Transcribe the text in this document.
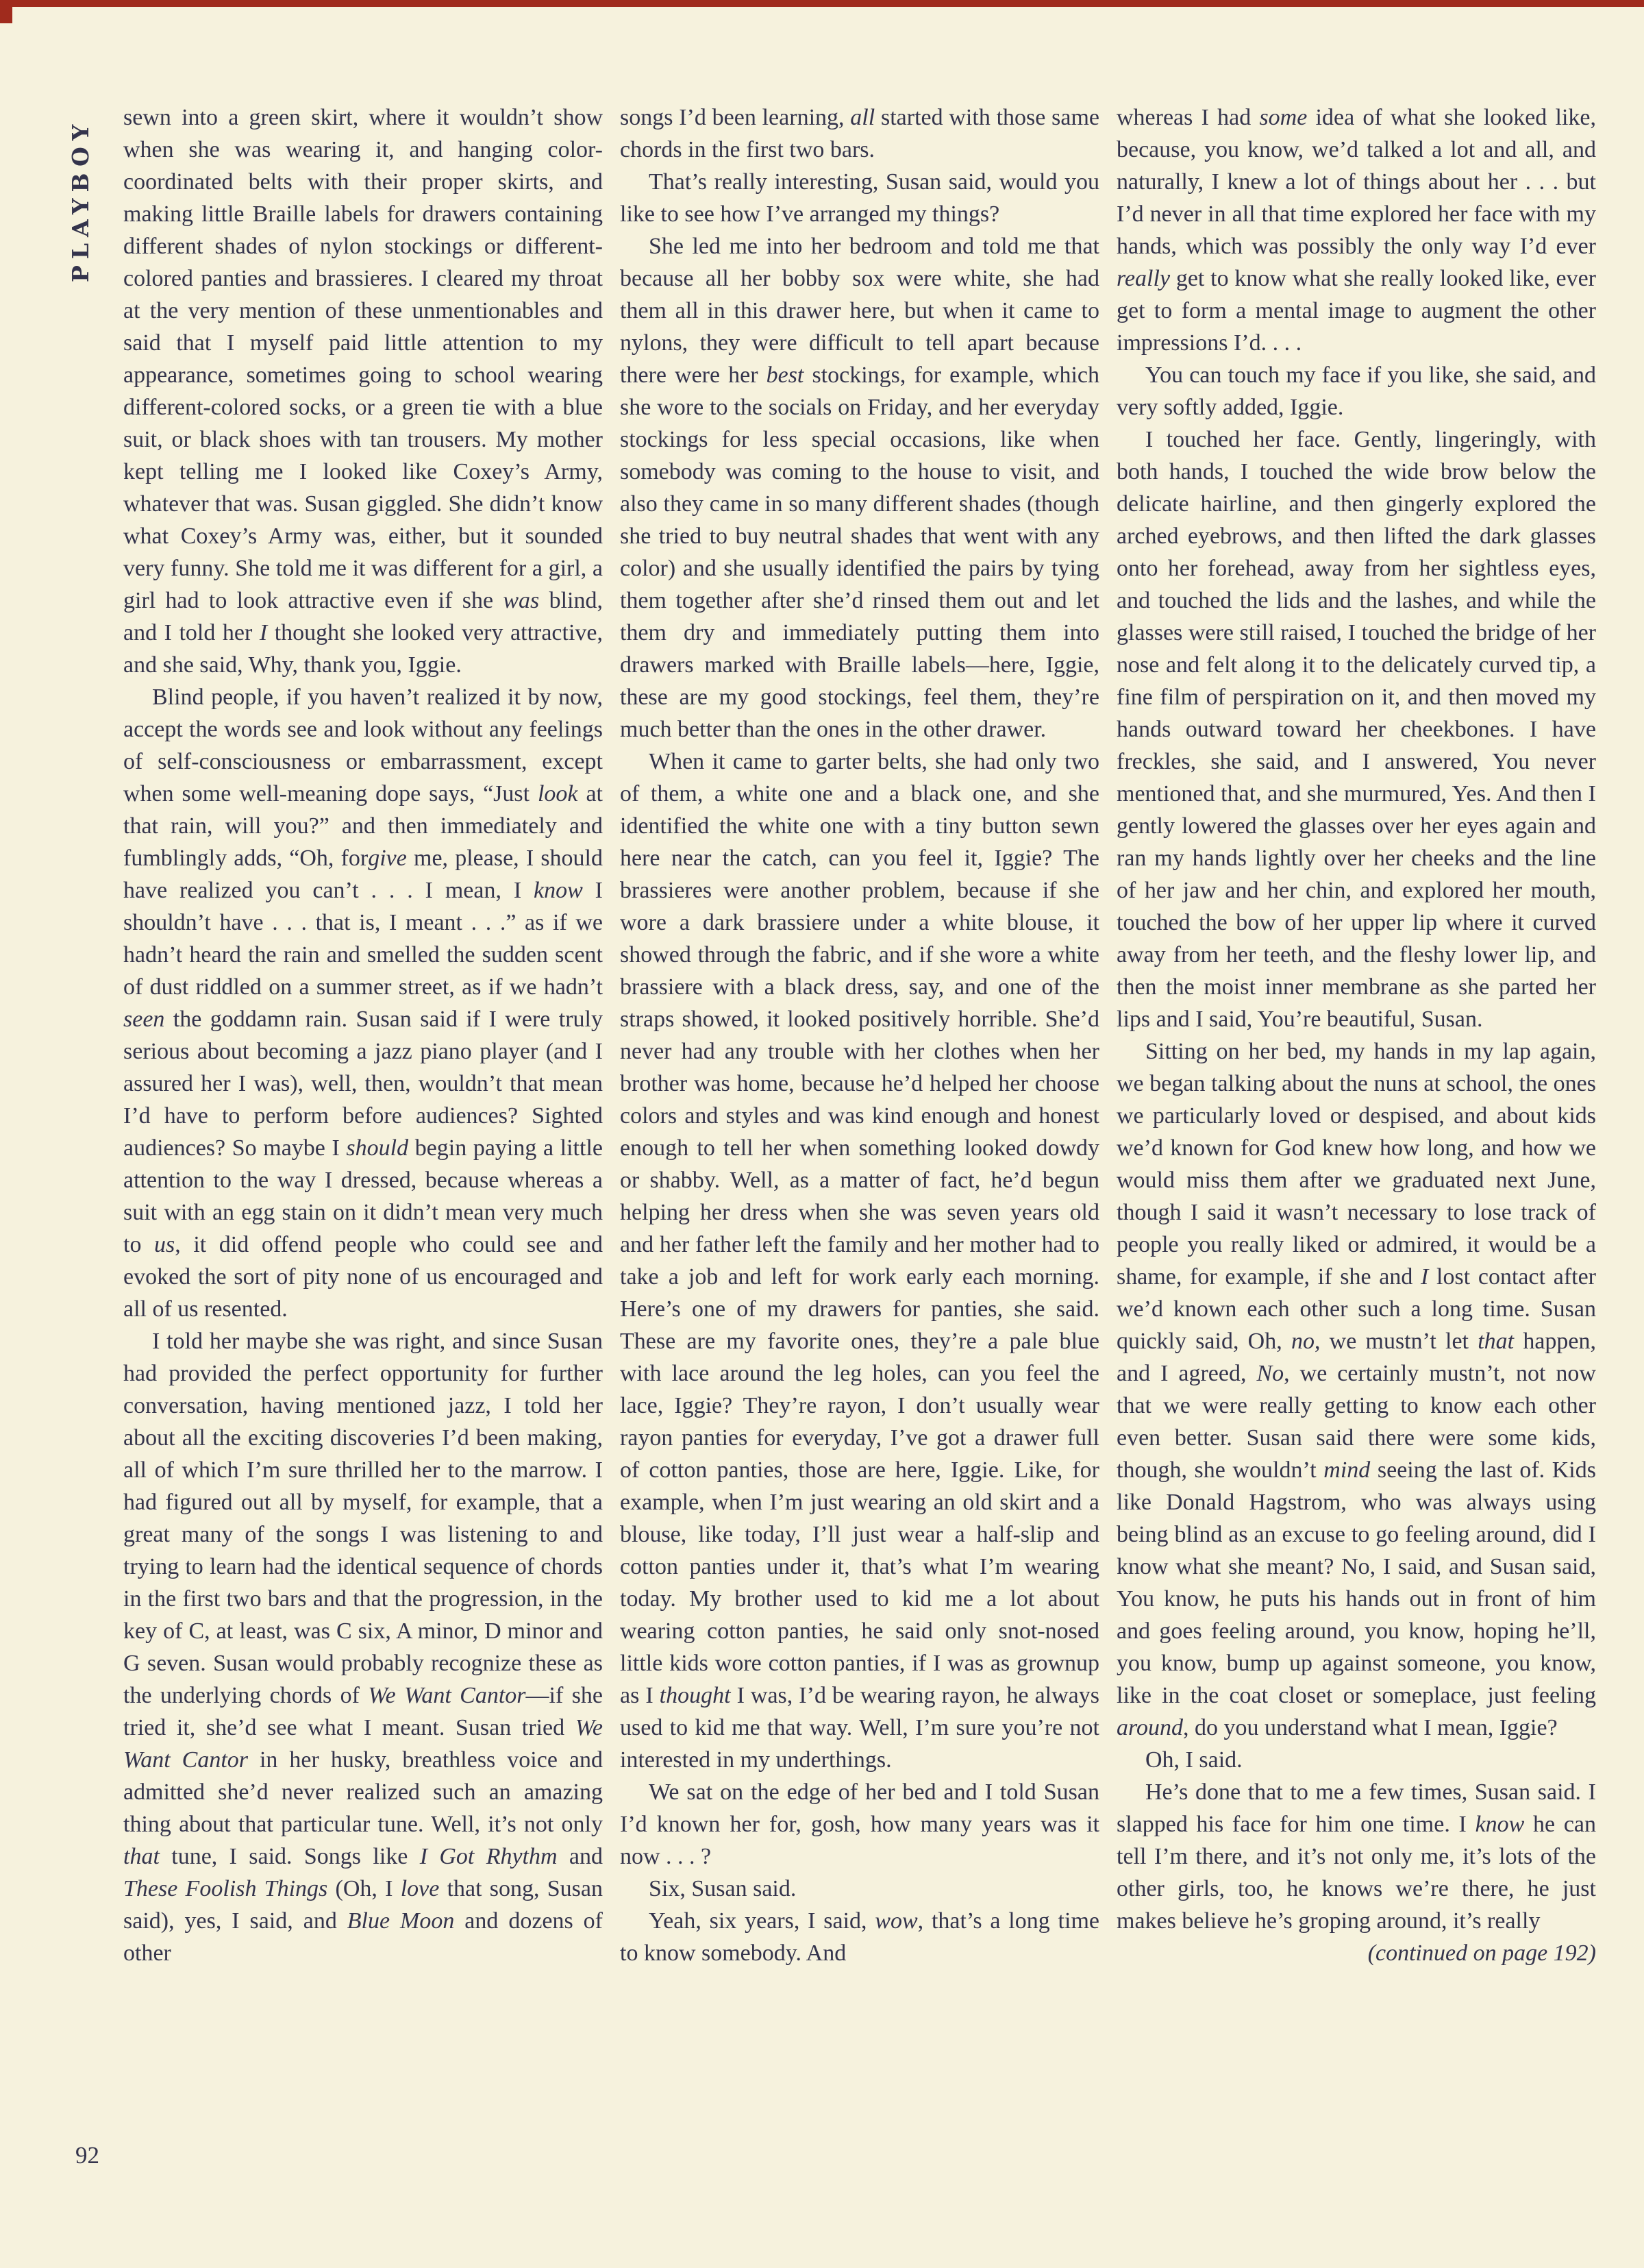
PLAYBOY

sewn into a green skirt, where it wouldn’t show when she was wearing it, and hanging color-coordinated belts with their proper skirts, and making little Braille labels for drawers containing different shades of nylon stockings or different-colored panties and brassieres. I cleared my throat at the very mention of these unmentionables and said that I myself paid little attention to my appearance, sometimes going to school wearing different-colored socks, or a green tie with a blue suit, or black shoes with tan trousers. My mother kept telling me I looked like Coxey’s Army, whatever that was. Susan giggled. She didn’t know what Coxey’s Army was, either, but it sounded very funny. She told me it was different for a girl, a girl had to look attractive even if she was blind, and I told her I thought she looked very attractive, and she said, Why, thank you, Iggie.

Blind people, if you haven’t realized it by now, accept the words see and look without any feelings of self-consciousness or embarrassment, except when some well-meaning dope says, “Just look at that rain, will you?” and then immediately and fumblingly adds, “Oh, forgive me, please, I should have realized you can’t . . . I mean, I know I shouldn’t have . . . that is, I meant . . .” as if we hadn’t heard the rain and smelled the sudden scent of dust riddled on a summer street, as if we hadn’t seen the goddamn rain. Susan said if I were truly serious about becoming a jazz piano player (and I assured her I was), well, then, wouldn’t that mean I’d have to perform before audiences? Sighted audiences? So maybe I should begin paying a little attention to the way I dressed, because whereas a suit with an egg stain on it didn’t mean very much to us, it did offend people who could see and evoked the sort of pity none of us encouraged and all of us resented.

I told her maybe she was right, and since Susan had provided the perfect opportunity for further conversation, having mentioned jazz, I told her about all the exciting discoveries I’d been making, all of which I’m sure thrilled her to the marrow. I had figured out all by myself, for example, that a great many of the songs I was listening to and trying to learn had the identical sequence of chords in the first two bars and that the progression, in the key of C, at least, was C six, A minor, D minor and G seven. Susan would probably recognize these as the underlying chords of We Want Cantor—if she tried it, she’d see what I meant. Susan tried We Want Cantor in her husky, breathless voice and admitted she’d never realized such an amazing thing about that particular tune. Well, it’s not only that tune, I said. Songs like I Got Rhythm and These Foolish Things (Oh, I love that song, Susan said), yes, I said, and Blue Moon and dozens of other

songs I’d been learning, all started with those same chords in the first two bars.

That’s really interesting, Susan said, would you like to see how I’ve arranged my things?

She led me into her bedroom and told me that because all her bobby sox were white, she had them all in this drawer here, but when it came to nylons, they were difficult to tell apart because there were her best stockings, for example, which she wore to the socials on Friday, and her everyday stockings for less special occasions, like when somebody was coming to the house to visit, and also they came in so many different shades (though she tried to buy neutral shades that went with any color) and she usually identified the pairs by tying them together after she’d rinsed them out and let them dry and immediately putting them into drawers marked with Braille labels—here, Iggie, these are my good stockings, feel them, they’re much better than the ones in the other drawer.

When it came to garter belts, she had only two of them, a white one and a black one, and she identified the white one with a tiny button sewn here near the catch, can you feel it, Iggie? The brassieres were another problem, because if she wore a dark brassiere under a white blouse, it showed through the fabric, and if she wore a white brassiere with a black dress, say, and one of the straps showed, it looked positively horrible. She’d never had any trouble with her clothes when her brother was home, because he’d helped her choose colors and styles and was kind enough and honest enough to tell her when something looked dowdy or shabby. Well, as a matter of fact, he’d begun helping her dress when she was seven years old and her father left the family and her mother had to take a job and left for work early each morning. Here’s one of my drawers for panties, she said. These are my favorite ones, they’re a pale blue with lace around the leg holes, can you feel the lace, Iggie? They’re rayon, I don’t usually wear rayon panties for everyday, I’ve got a drawer full of cotton panties, those are here, Iggie. Like, for example, when I’m just wearing an old skirt and a blouse, like today, I’ll just wear a half-slip and cotton panties under it, that’s what I’m wearing today. My brother used to kid me a lot about wearing cotton panties, he said only snot-nosed little kids wore cotton panties, if I was as grownup as I thought I was, I’d be wearing rayon, he always used to kid me that way. Well, I’m sure you’re not interested in my underthings.

We sat on the edge of her bed and I told Susan I’d known her for, gosh, how many years was it now . . . ?

Six, Susan said.

Yeah, six years, I said, wow, that’s a long time to know somebody. And

whereas I had some idea of what she looked like, because, you know, we’d talked a lot and all, and naturally, I knew a lot of things about her . . . but I’d never in all that time explored her face with my hands, which was possibly the only way I’d ever really get to know what she really looked like, ever get to form a mental image to augment the other impressions I’d. . . .

You can touch my face if you like, she said, and very softly added, Iggie.

I touched her face. Gently, lingeringly, with both hands, I touched the wide brow below the delicate hairline, and then gingerly explored the arched eyebrows, and then lifted the dark glasses onto her forehead, away from her sightless eyes, and touched the lids and the lashes, and while the glasses were still raised, I touched the bridge of her nose and felt along it to the delicately curved tip, a fine film of perspiration on it, and then moved my hands outward toward her cheekbones. I have freckles, she said, and I answered, You never mentioned that, and she murmured, Yes. And then I gently lowered the glasses over her eyes again and ran my hands lightly over her cheeks and the line of her jaw and her chin, and explored her mouth, touched the bow of her upper lip where it curved away from her teeth, and the fleshy lower lip, and then the moist inner membrane as she parted her lips and I said, You’re beautiful, Susan.

Sitting on her bed, my hands in my lap again, we began talking about the nuns at school, the ones we particularly loved or despised, and about kids we’d known for God knew how long, and how we would miss them after we graduated next June, though I said it wasn’t necessary to lose track of people you really liked or admired, it would be a shame, for example, if she and I lost contact after we’d known each other such a long time. Susan quickly said, Oh, no, we mustn’t let that happen, and I agreed, No, we certainly mustn’t, not now that we were really getting to know each other even better. Susan said there were some kids, though, she wouldn’t mind seeing the last of. Kids like Donald Hagstrom, who was always using being blind as an excuse to go feeling around, did I know what she meant? No, I said, and Susan said, You know, he puts his hands out in front of him and goes feeling around, you know, hoping he’ll, you know, bump up against someone, you know, like in the coat closet or someplace, just feeling around, do you understand what I mean, Iggie?

Oh, I said.

He’s done that to me a few times, Susan said. I slapped his face for him one time. I know he can tell I’m there, and it’s not only me, it’s lots of the other girls, too, he knows we’re there, he just makes believe he’s groping around, it’s really

(continued on page 192)

92
